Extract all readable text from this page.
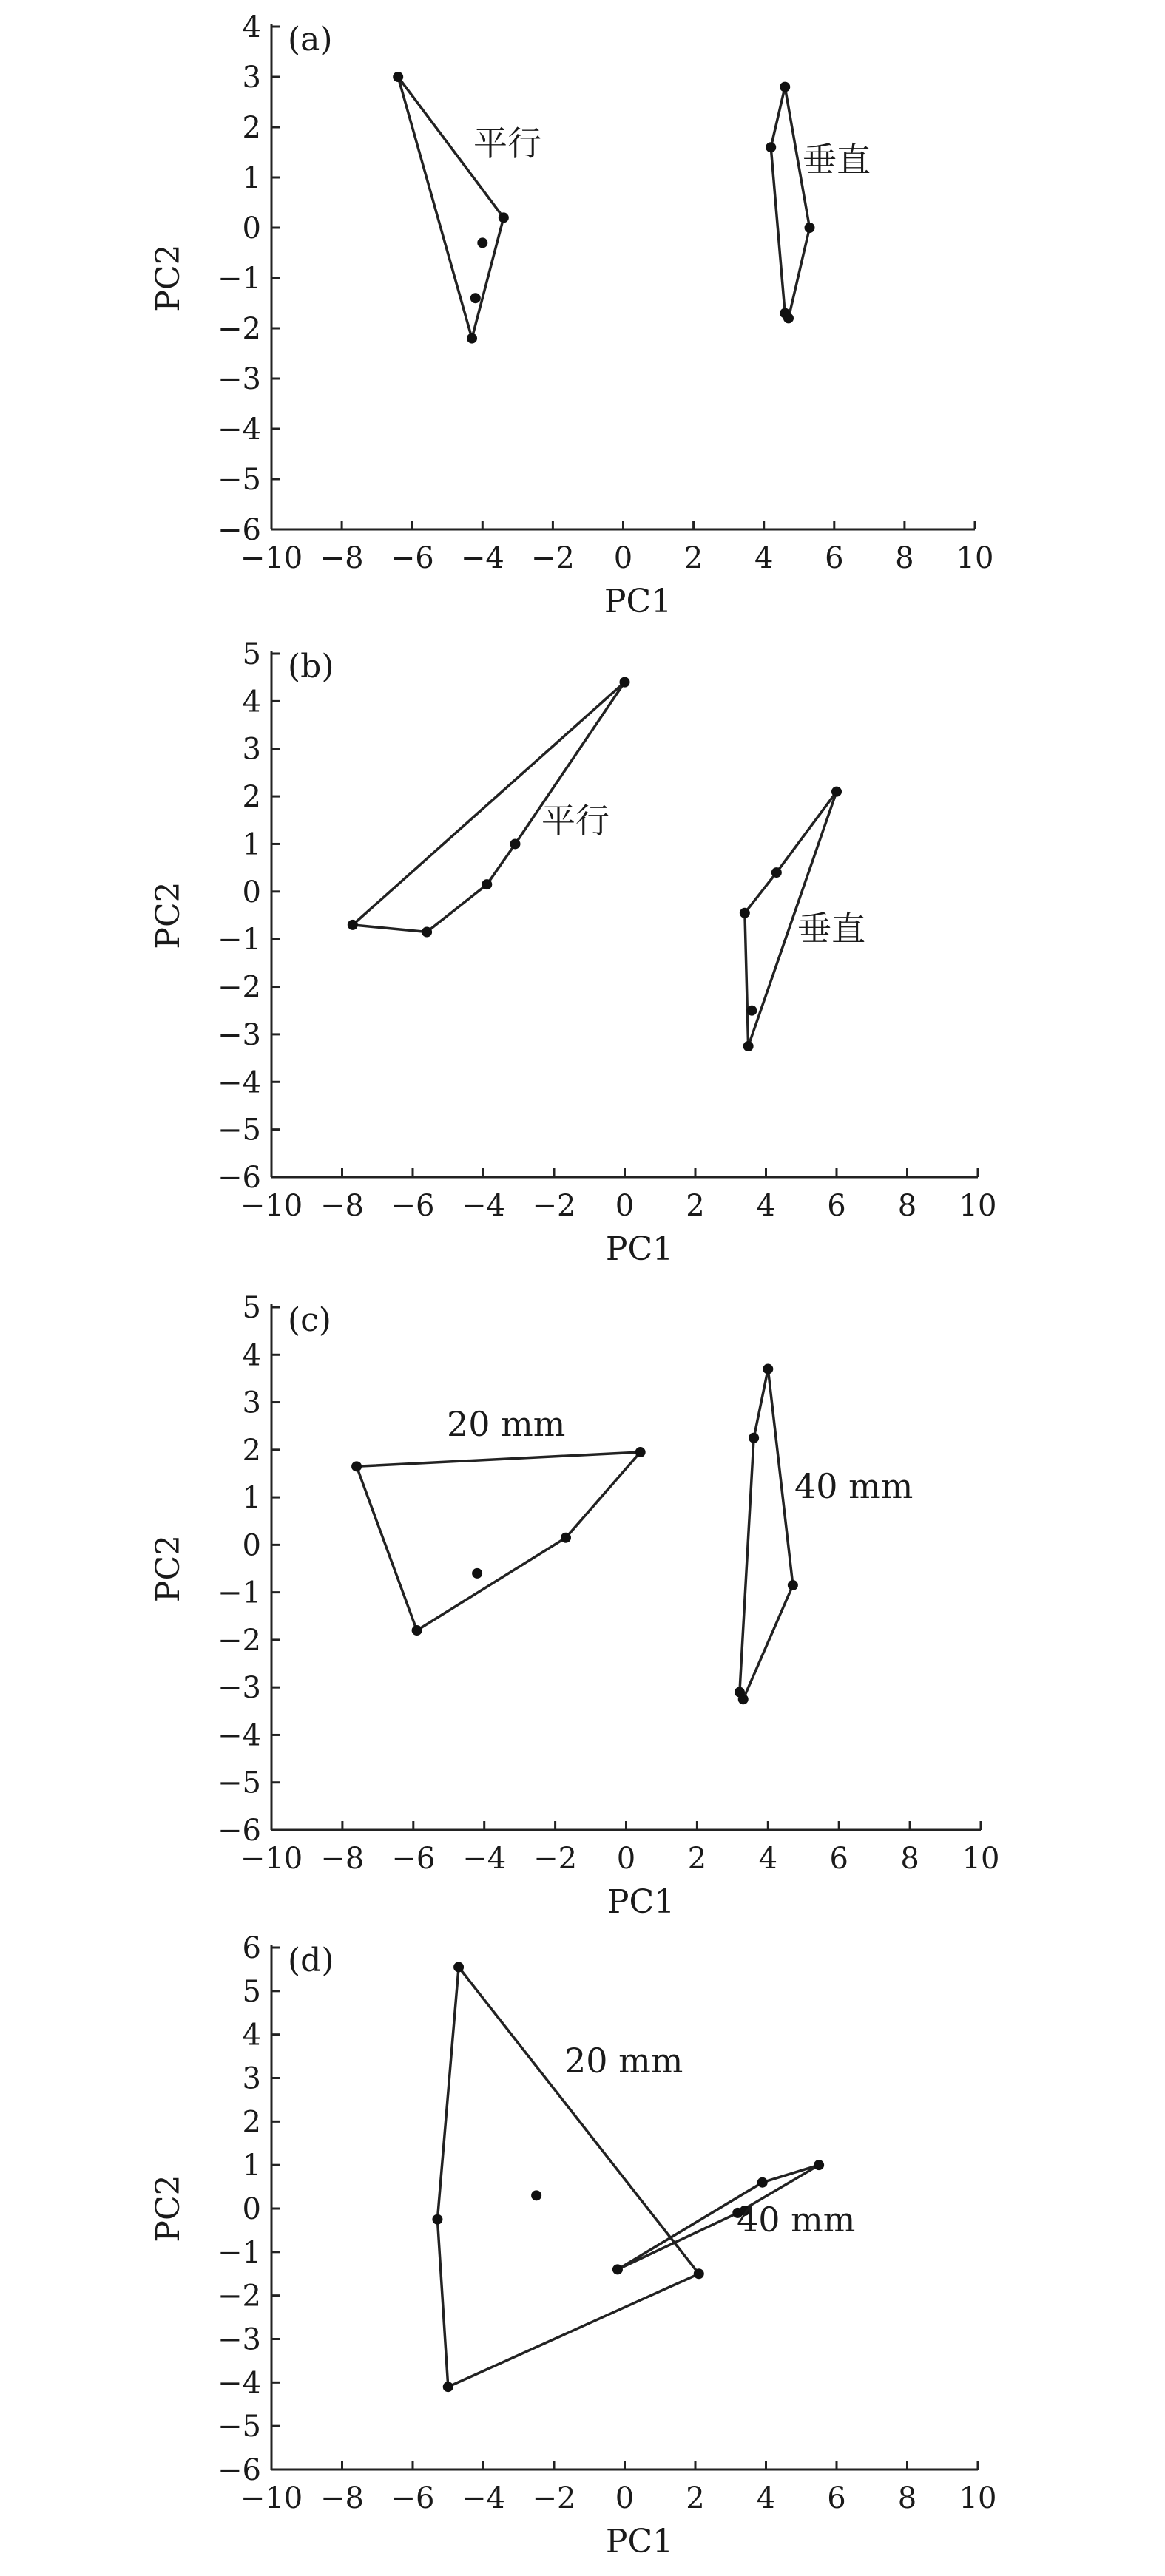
−10 −8 −6 −4 −2 0 2 4 6 8 10
−6
−5
−4
−3
−2
−1
0
1
2
3
4
PC1
PC2
(a)
平行	垂直
−10 −8 −6 −4 −2 0 2 4 6 8 10
−6
−5
−4
−3
−2
−1
0
1
2
3
4
5
PC1
PC2
(b)
平行
垂直
−10 −8 −6 −4 −2 0 2 4 6 8 10
−6
−5
−4
−3
−2
−1
0
1
2
3
4
5
PC1
PC2
(c)
20 mm
40 mm
−10 −8 −6 −4 −2 0 2 4 6 8 10
−6
−5
−4
−3
−2
−1
0
1
2
3
4
5
6
PC1
PC2
(d)
20 mm
40 mm
